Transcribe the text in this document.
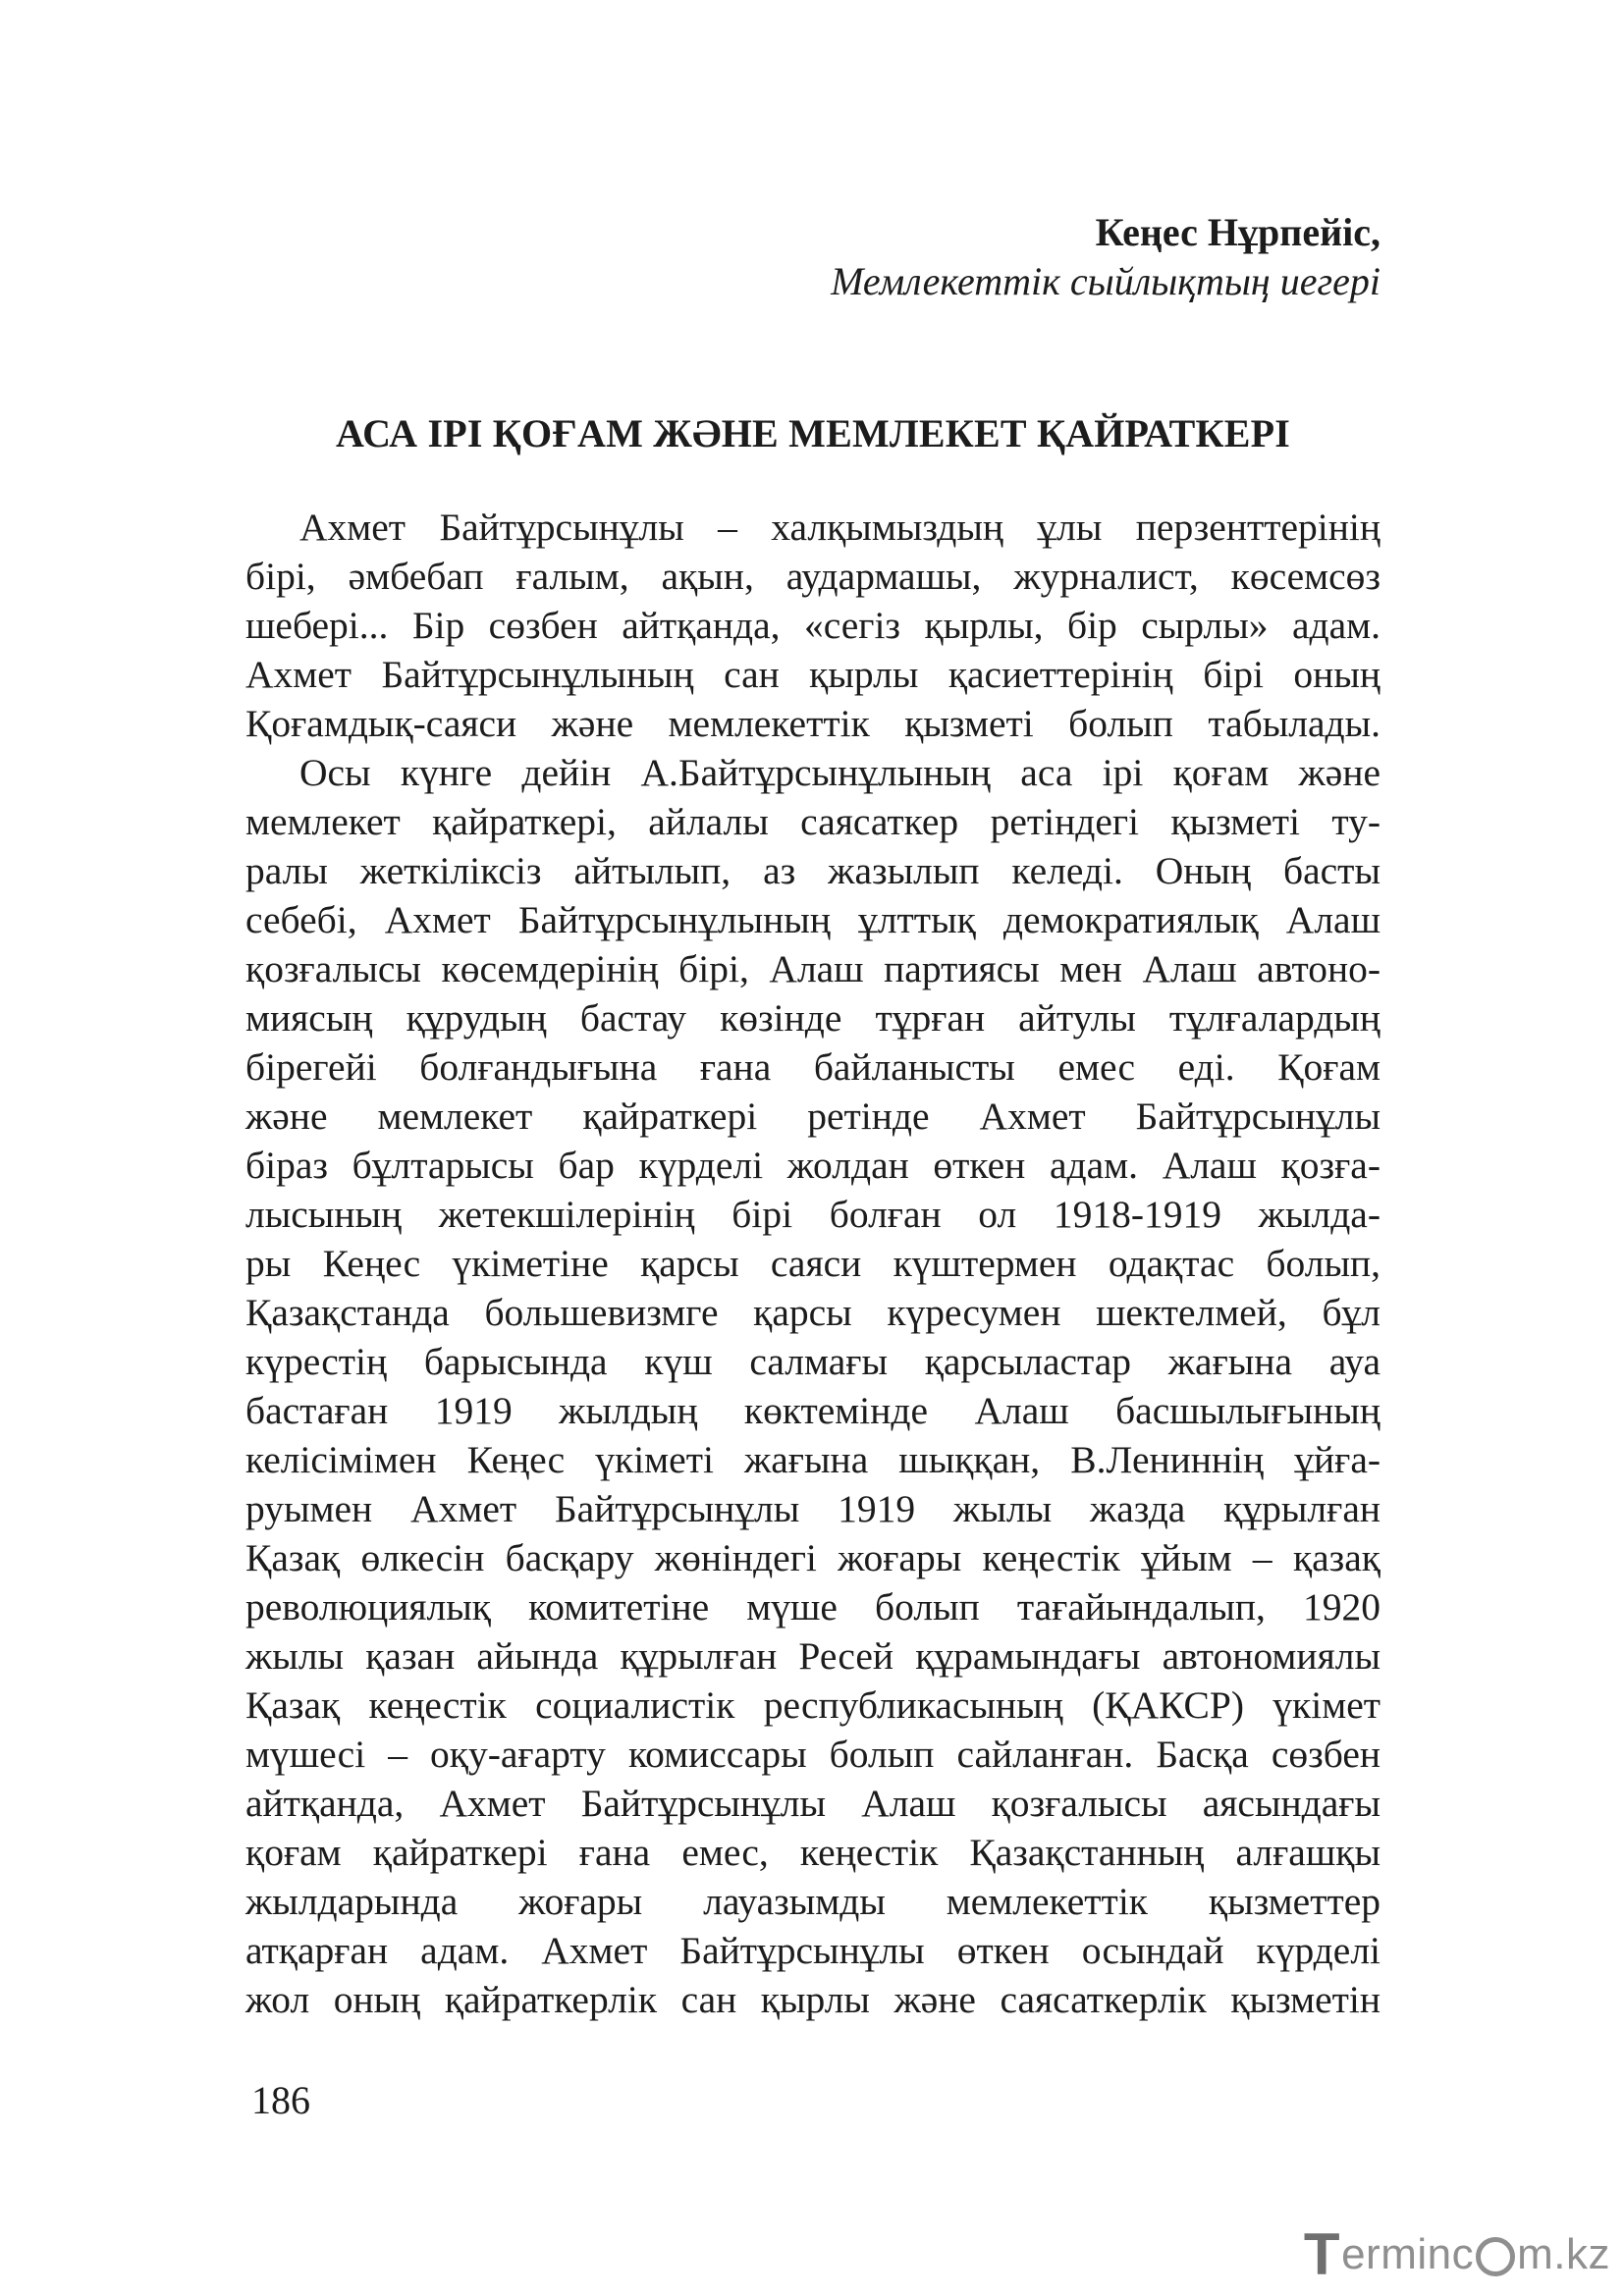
Кеңес Нұрпейіс,
Мемлекеттік сыйлықтың иегері
АСА ІРІ ҚОҒАМ ЖӘНЕ МЕМЛЕКЕТ ҚАЙРАТКЕРІ
Ахмет Байтұрсынұлы – халқымыздың ұлы перзенттерінің
бірі, әмбебап ғалым, ақын, аудармашы, журналист, көсемсөз
шебері... Бір сөзбен айтқанда, «сегіз қырлы, бір сырлы» адам.
Ахмет Байтұрсынұлының сан қырлы қасиеттерінің бірі оның
Қоғамдық-саяси және мемлекеттік қызметі болып табылады.
Осы күнге дейін А.Байтұрсынұлының аса ірі қоғам және
мемлекет қайраткері, айлалы саясаткер ретіндегі қызметі ту-
ралы жеткіліксіз айтылып, аз жазылып келеді. Оның басты
себебі, Ахмет Байтұрсынұлының ұлттық демократиялық Алаш
қозғалысы көсемдерінің бірі, Алаш партиясы мен Алаш автоно-
миясың құрудың бастау көзінде тұрған айтулы тұлғалардың
бірегейі болғандығына ғана байланысты емес еді. Қоғам
және мемлекет қайраткері ретінде Ахмет Байтұрсынұлы
біраз бұлтарысы бар күрделі жолдан өткен адам. Алаш қозға-
лысының жетекшілерінің бірі болған ол 1918-1919 жылда-
ры Кеңес үкіметіне қарсы саяси күштермен одақтас болып,
Қазақстанда большевизмге қарсы күресумен шектелмей, бұл
күрестің барысында күш салмағы қарсыластар жағына ауа
бастаған 1919 жылдың көктемінде Алаш басшылығының
келісімімен Кеңес үкіметі жағына шыққан, В.Лениннің ұйға-
руымен Ахмет Байтұрсынұлы 1919 жылы жазда құрылған
Қазақ өлкесін басқару жөніндегі жоғары кеңестік ұйым – қазақ
революциялық комитетіне мүше болып тағайындалып, 1920
жылы қазан айында құрылған Ресей құрамындағы автономиялы
Қазақ кеңестік социалистік республикасының (ҚАКСР) үкімет
мүшесі – оқу-ағарту комиссары болып сайланған. Басқа сөзбен
айтқанда, Ахмет Байтұрсынұлы Алаш қозғалысы аясындағы
қоғам қайраткері ғана емес, кеңестік Қазақстанның алғашқы
жылдарында жоғары лауазымды мемлекеттік қызметтер
атқарған адам. Ахмет Байтұрсынұлы өткен осындай күрделі
жол оның қайраткерлік сан қырлы және саясаткерлік қызметін
186
T erminc m.kz
